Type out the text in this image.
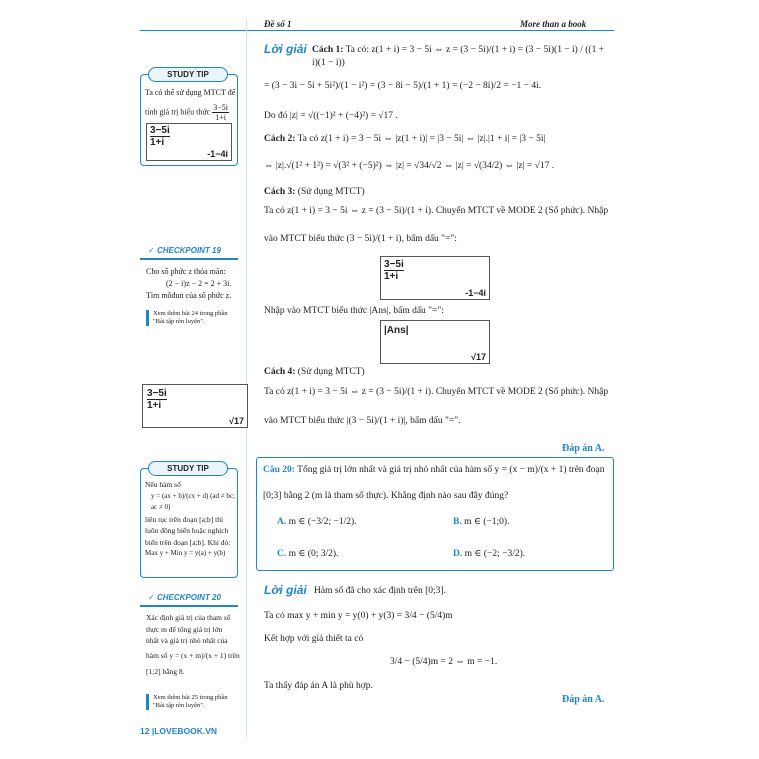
Đề số 1	More than a book
Ta có thể sử dụng MTCT để
tính giá trị biểu thức $\frac{3-5i}{1+i}$
3−5i
1+i
-1−4i
STUDY TIP
✓ CHECKPOINT 19
Cho số phức z thỏa mãn:
(2 − i)z − 2 = 2 + 3i.
Tìm môđun của số phức z.
Xem thêm bài 24 trong phần
"Bài tập rèn luyện".
3−5i
1+i
√17
Nếu hàm số
y = (ax + b)/(cx + d) (ad ≠ bc; ac ≠ 0)
liên tục trên đoạn [a;b] thì
luôn đồng biến hoặc nghịch
biến trên đoạn [a;b]. Khi đó:
Max y + Min y = y(a) + y(b)
STUDY TIP
✓ CHECKPOINT 20
Xác định giá trị của tham số
thực m để tổng giá trị lớn
nhất và giá trị nhỏ nhất của
hàm số y = (x + m)/(x + 1) trên
[1;2] bằng 8.
Xem thêm bài 25 trong phần
"Bài tập rèn luyện".
Lời giải Cách 1: Ta có: z(1 + i) = 3 − 5i ⇔ z = (3 − 5i)/(1 + i) = (3 − 5i)(1 − i) / ((1 + i)(1 − i))
= (3 − 3i − 5i + 5i²)/(1 − i²) = (3 − 8i − 5)/(1 + 1) = (−2 − 8i)/2 = −1 − 4i.
Do đó |z| = √((−1)² + (−4)²) = √17 .
Cách 2: Ta có z(1 + i) = 3 − 5i ⇔ |z(1 + i)| = |3 − 5i| ⇔ |z|.|1 + i| = |3 − 5i|
⇔ |z|.√(1² + 1²) = √(3² + (−5)²) ⇔ |z| = √34/√2 ⇔ |z| = √(34/2) ⇔ |z| = √17 .
Cách 3: (Sử dụng MTCT)
Ta có z(1 + i) = 3 − 5i ⇔ z = (3 − 5i)/(1 + i). Chuyển MTCT về MODE 2 (Số phức). Nhập
vào MTCT biểu thức (3 − 5i)/(1 + i), bấm dấu "=":
3−5i
1+i
-1−4i
Nhập vào MTCT biểu thức |Ans|, bấm dấu "=":
|Ans|
√17
Cách 4: (Sử dụng MTCT)
Ta có z(1 + i) = 3 − 5i ⇔ z = (3 − 5i)/(1 + i). Chuyển MTCT về MODE 2 (Số phức). Nhập
vào MTCT biểu thức |(3 − 5i)/(1 + i)|, bấm dấu "=".
Đáp án A.
Câu 20: Tổng giá trị lớn nhất và giá trị nhỏ nhất của hàm số y = (x − m)/(x + 1) trên đoạn
[0;3] bằng 2 (m là tham số thực). Khẳng định nào sau đây đúng?
A. m ∈ (−3/2; −1/2).	B. m ∈ (−1;0).
C. m ∈ (0; 3/2).	D. m ∈ (−2; −3/2).
Lời giải Hàm số đã cho xác định trên [0;3].
Ta có max y + min y = y(0) + y(3) = 3/4 − (5/4)m
Kết hợp với giả thiết ta có
3/4 − (5/4)m = 2 ⇔ m = −1.
Ta thấy đáp án A là phù hợp.
Đáp án A.
12 |LOVEBOOK.VN
